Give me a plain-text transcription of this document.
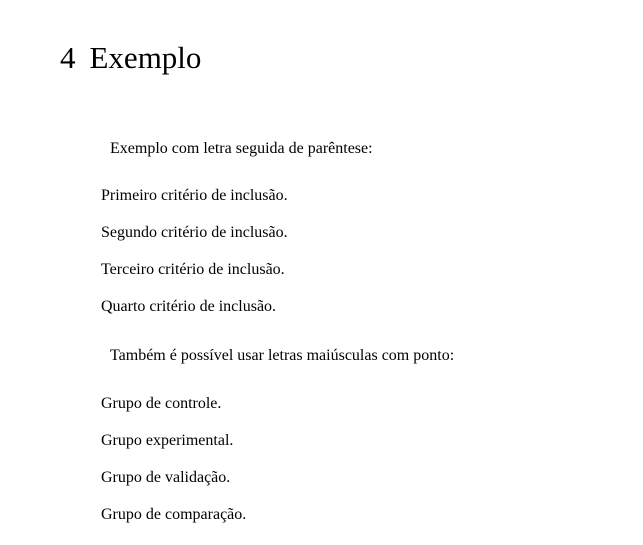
4 Exemplo

Exemplo com letra seguida de parêntese:

Primeiro critério de inclusão.
Segundo critério de inclusão.
Terceiro critério de inclusão.
Quarto critério de inclusão.

Também é possível usar letras maiúsculas com ponto:

Grupo de controle.
Grupo experimental.
Grupo de validação.
Grupo de comparação.
